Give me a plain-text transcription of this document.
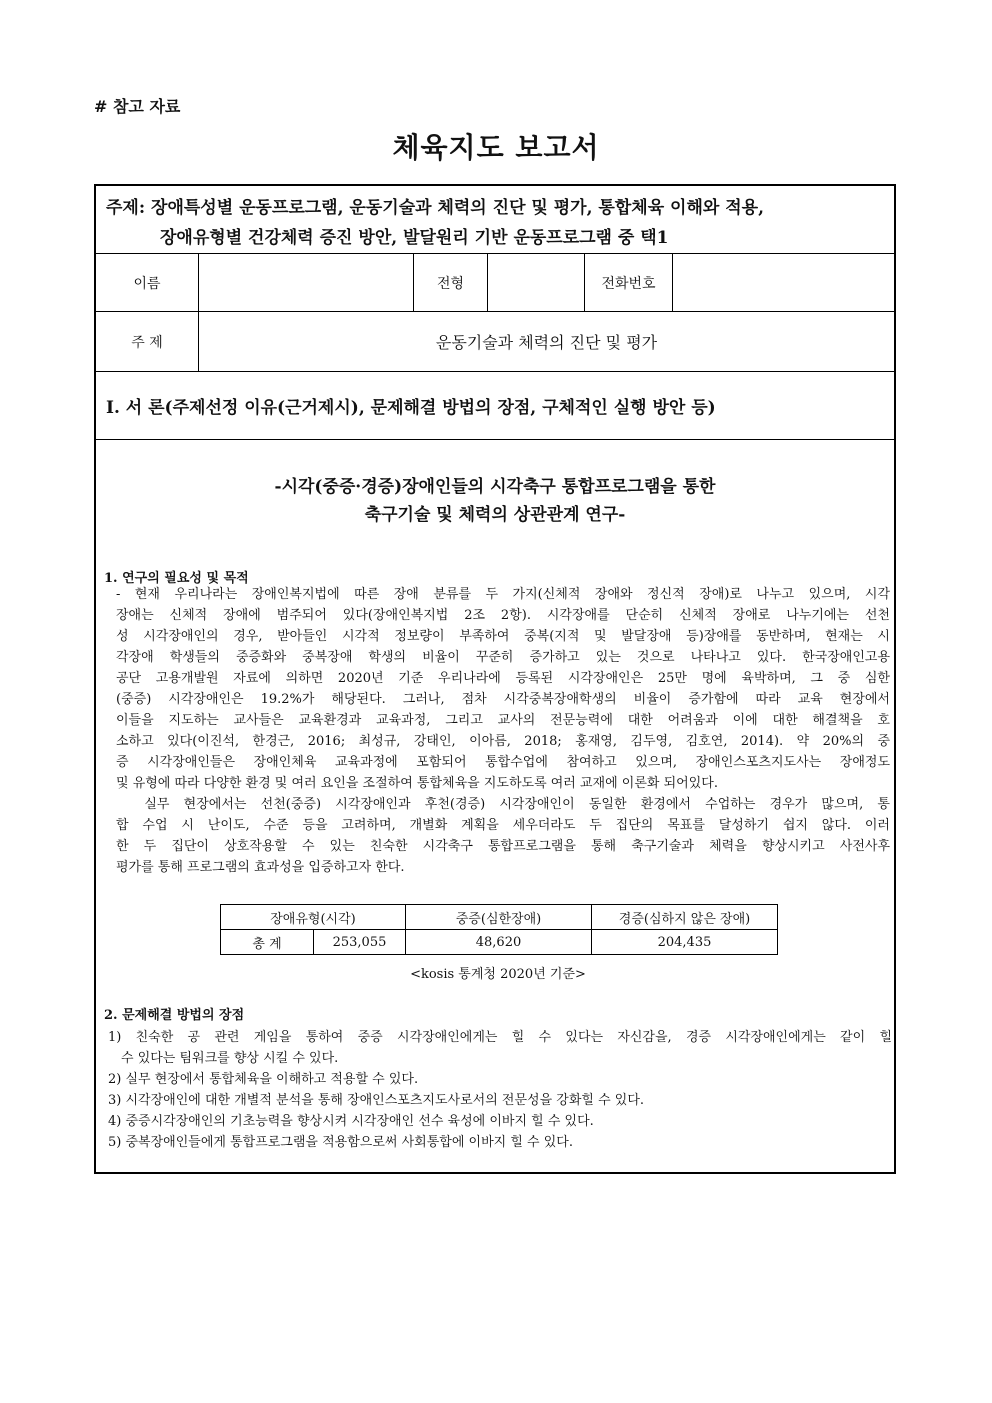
# 참고 자료
체육지도 보고서
주제: 장애특성별 운동프로그램, 운동기술과 체력의 진단 및 평가, 통합체육 이해와 적용,
장애유형별 건강체력 증진 방안, 발달원리 기반 운동프로그램 중 택1
이름	전형	전화번호
주 제	운동기술과 체력의 진단 및 평가
Ⅰ. 서 론(주제선정 이유(근거제시), 문제해결 방법의 장점, 구체적인 실행 방안 등)
-시각(중증·경증)장애인들의 시각축구 통합프로그램을 통한
축구기술 및 체력의 상관관계 연구-
1. 연구의 필요성 및 목적
- 현재 우리나라는 장애인복지법에 따른 장애 분류를 두 가지(신체적 장애와 정신적 장애)로 나누고 있으며, 시각
장애는 신체적 장애에 범주되어 있다(장애인복지법 2조 2항). 시각장애를 단순히 신체적 장애로 나누기에는 선천
성 시각장애인의 경우, 받아들인 시각적 정보량이 부족하여 중복(지적 및 발달장애 등)장애를 동반하며, 현재는 시
각장애 학생들의 중증화와 중복장애 학생의 비율이 꾸준히 증가하고 있는 것으로 나타나고 있다. 한국장애인고용
공단 고용개발원 자료에 의하면 2020년 기준 우리나라에 등록된 시각장애인은 25만 명에 육박하며, 그 중 심한
(중증) 시각장애인은 19.2%가 해당된다. 그러나, 점차 시각중복장애학생의 비율이 증가함에 따라 교육 현장에서
이들을 지도하는 교사들은 교육환경과 교육과정, 그리고 교사의 전문능력에 대한 어려움과 이에 대한 해결책을 호
소하고 있다(이진석, 한경근, 2016; 최성규, 강태인, 이아름, 2018; 홍재영, 김두영, 김호연, 2014). 약 20%의 중
증 시각장애인들은 장애인체육 교육과정에 포함되어 통합수업에 참여하고 있으며, 장애인스포츠지도사는 장애정도
및 유형에 따라 다양한 환경 및 여러 요인을 조절하여 통합체육을 지도하도록 여러 교재에 이론화 되어있다.
실무 현장에서는 선천(중증) 시각장애인과 후천(경증) 시각장애인이 동일한 환경에서 수업하는 경우가 많으며, 통
합 수업 시 난이도, 수준 등을 고려하며, 개별화 계획을 세우더라도 두 집단의 목표를 달성하기 쉽지 않다. 이러
한 두 집단이 상호작용할 수 있는 친숙한 시각축구 통합프로그램을 통해 축구기술과 체력을 향상시키고 사전사후
평가를 통해 프로그램의 효과성을 입증하고자 한다.
장애유형(시각)		중증(심한장애)	경증(심하지 않은 장애)
총 계	253,055	48,620	204,435
<kosis 통계청 2020년 기준>
2. 문제해결 방법의 장점
1) 친숙한 공 관련 게임을 통하여 중증 시각장애인에게는 힐 수 있다는 자신감을, 경증 시각장애인에게는 같이 힐
수 있다는 팀워크를 향상 시킬 수 있다.
2) 실무 현장에서 통합체육을 이해하고 적용할 수 있다.
3) 시각장애인에 대한 개별적 분석을 통해 장애인스포츠지도사로서의 전문성을 강화힐 수 있다.
4) 중증시각장애인의 기초능력을 향상시켜 시각장애인 선수 육성에 이바지 힐 수 있다.
5) 중복장애인들에게 통합프로그램을 적용함으로써 사회통합에 이바지 힐 수 있다.
